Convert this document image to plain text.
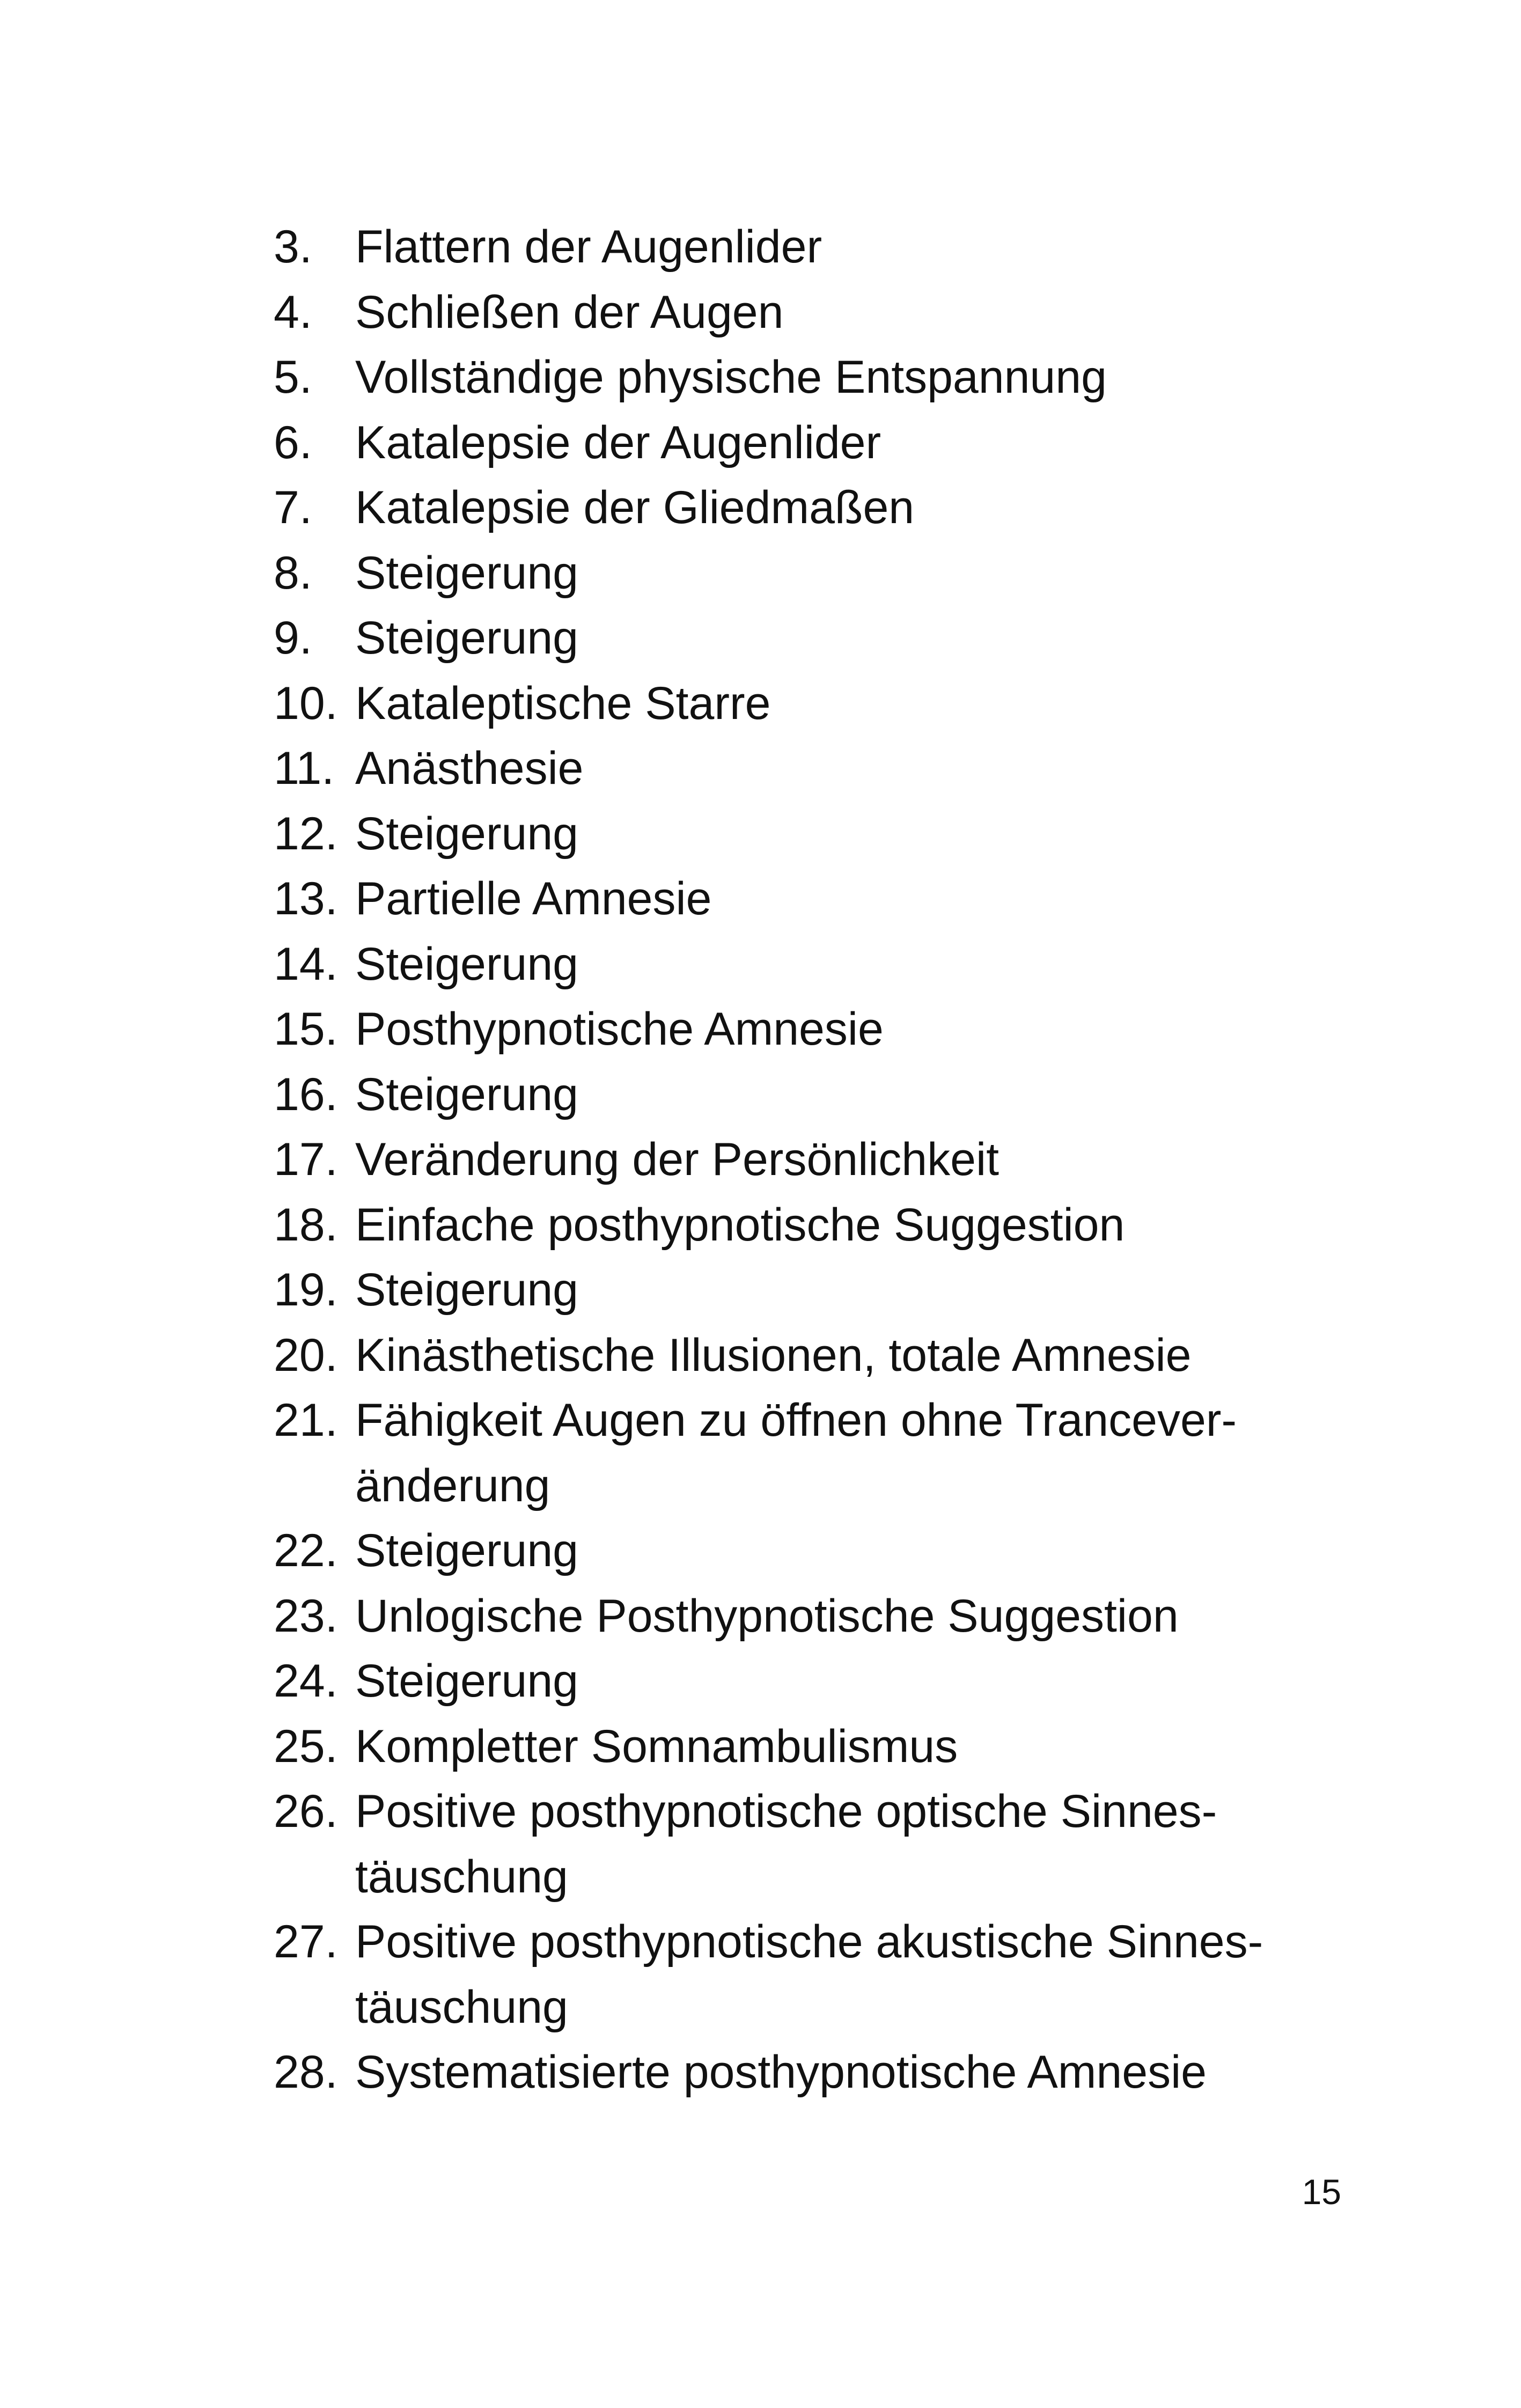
3. Flattern der Augenlider
4. Schließen der Augen
5. Vollständige physische Entspannung
6. Katalepsie der Augenlider
7. Katalepsie der Gliedmaßen
8. Steigerung
9. Steigerung
10. Kataleptische Starre
11. Anästhesie
12. Steigerung
13. Partielle Amnesie
14. Steigerung
15. Posthypnotische Amnesie
16. Steigerung
17. Veränderung der Persönlichkeit
18. Einfache posthypnotische Suggestion
19. Steigerung
20. Kinästhetische Illusionen, totale Amnesie
21. Fähigkeit Augen zu öffnen ohne Trancever-
änderung
22. Steigerung
23. Unlogische Posthypnotische Suggestion
24. Steigerung
25. Kompletter Somnambulismus
26. Positive posthypnotische optische Sinnes-
täuschung
27. Positive posthypnotische akustische Sinnes-
täuschung
28. Systematisierte posthypnotische Amnesie
15
